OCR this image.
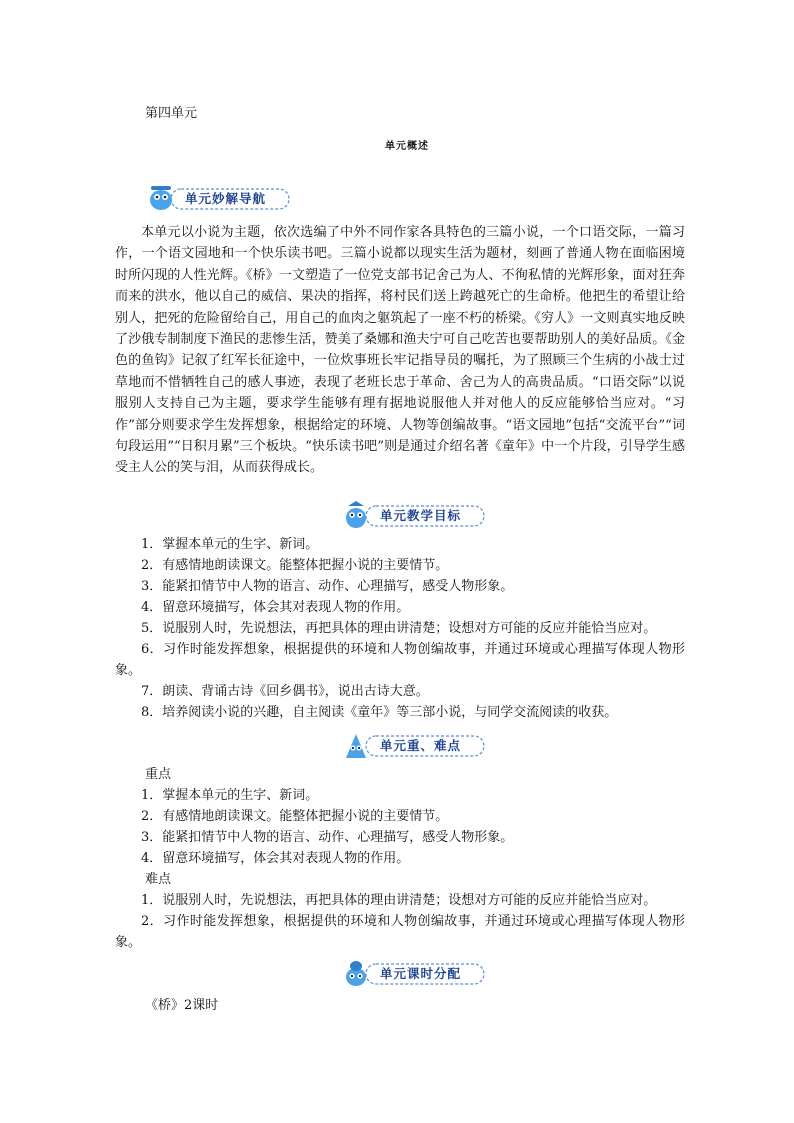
第四单元
单元概述
单元妙解导航

本单元以小说为主题，依次选编了中外不同作家各具特色的三篇小说，一个口语交际，一篇习作，一个语文园地和一个快乐读书吧。三篇小说都以现实生活为题材，刻画了普通人物在面临困境时所闪现的人性光辉。《桥》一文塑造了一位党支部书记舍己为人、不徇私情的光辉形象，面对狂奔而来的洪水，他以自己的威信、果决的指挥，将村民们送上跨越死亡的生命桥。他把生的希望让给别人，把死的危险留给自己，用自己的血肉之躯筑起了一座不朽的桥梁。《穷人》一文则真实地反映了沙俄专制制度下渔民的悲惨生活，赞美了桑娜和渔夫宁可自己吃苦也要帮助别人的美好品质。《金色的鱼钩》记叙了红军长征途中，一位炊事班长牢记指导员的嘱托，为了照顾三个生病的小战士过草地而不惜牺牲自己的感人事迹，表现了老班长忠于革命、舍己为人的高贵品质。“口语交际”以说服别人支持自己为主题，要求学生能够有理有据地说服他人并对他人的反应能够恰当应对。“习作”部分则要求学生发挥想象，根据给定的环境、人物等创编故事。“语文园地”包括“交流平台”“词句段运用”“日积月累”三个板块。“快乐读书吧”则是通过介绍名著《童年》中一个片段，引导学生感受主人公的笑与泪，从而获得成长。

单元教学目标
1．掌握本单元的生字、新词。
2．有感情地朗读课文。能整体把握小说的主要情节。
3．能紧扣情节中人物的语言、动作、心理描写，感受人物形象。
4．留意环境描写，体会其对表现人物的作用。
5．说服别人时，先说想法，再把具体的理由讲清楚；设想对方可能的反应并能恰当应对。
6．习作时能发挥想象，根据提供的环境和人物创编故事，并通过环境或心理描写体现人物形象。
7．朗读、背诵古诗《回乡偶书》，说出古诗大意。
8．培养阅读小说的兴趣，自主阅读《童年》等三部小说，与同学交流阅读的收获。
单元重、难点
重点
1．掌握本单元的生字、新词。
2．有感情地朗读课文。能整体把握小说的主要情节。
3．能紧扣情节中人物的语言、动作、心理描写，感受人物形象。
4．留意环境描写，体会其对表现人物的作用。
难点
1．说服别人时，先说想法，再把具体的理由讲清楚；设想对方可能的反应并能恰当应对。
2．习作时能发挥想象，根据提供的环境和人物创编故事，并通过环境或心理描写体现人物形象。
单元课时分配
《桥》2课时
